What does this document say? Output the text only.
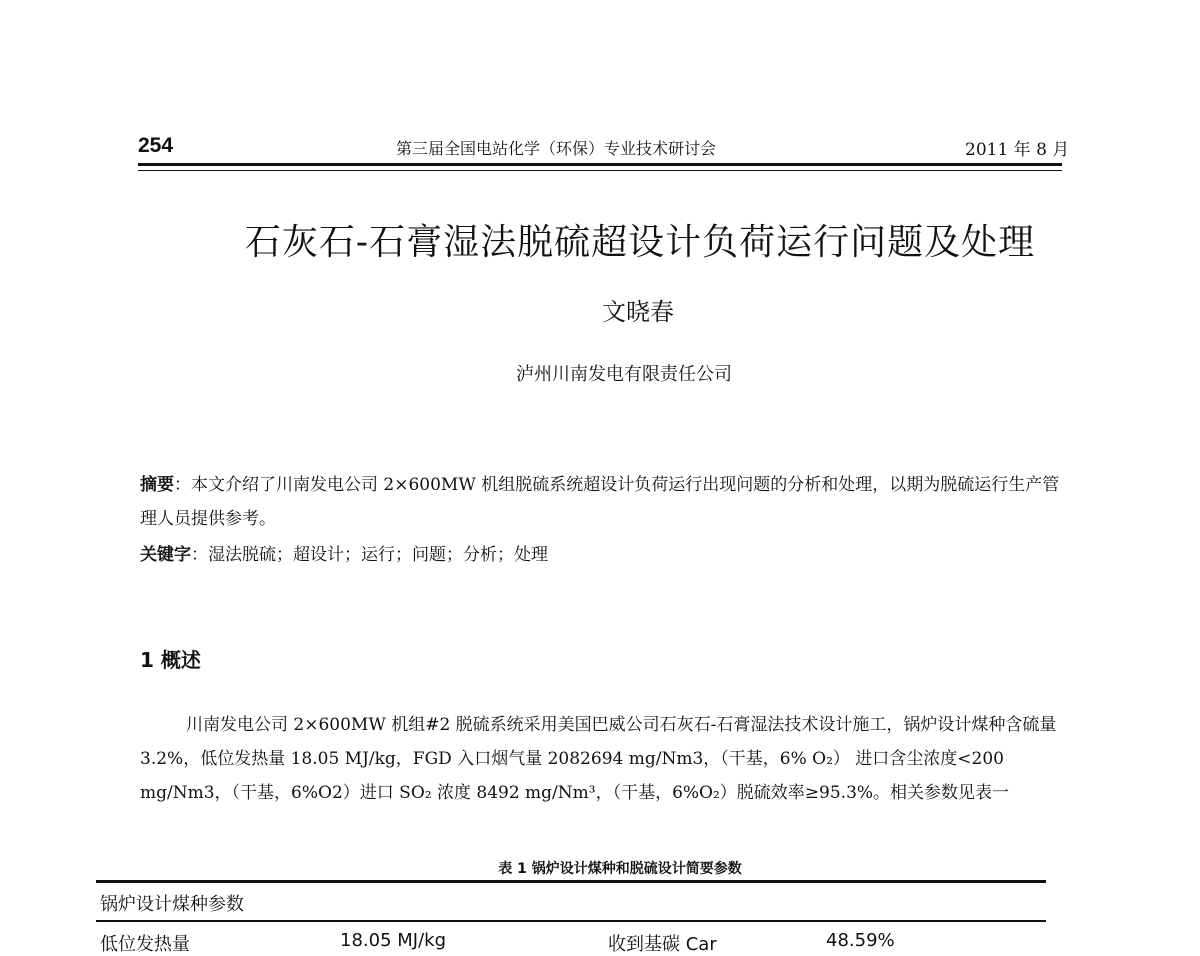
254	第三届全国电站化学（环保）专业技术研讨会	2011 年 8 月
石灰石-石膏湿法脱硫超设计负荷运行问题及处理
文晓春
泸州川南发电有限责任公司
摘要：本文介绍了川南发电公司 2×600MW 机组脱硫系统超设计负荷运行出现问题的分析和处理，以期为脱硫运行生产管理人员提供参考。
关键字：湿法脱硫；超设计；运行；问题；分析；处理
1 概述
川南发电公司 2×600MW 机组#2 脱硫系统采用美国巴威公司石灰石-石膏湿法技术设计施工，锅炉设计煤种含硫量 3.2%，低位发热量 18.05 MJ/kg，FGD 入口烟气量 2082694 mg/Nm3，（干基，6% O₂） 进口含尘浓度<200 mg/Nm3，（干基，6%O2）进口 SO₂ 浓度 8492 mg/Nm³，（干基，6%O₂）脱硫效率≥95.3%。相关参数见表一
表 1 锅炉设计煤种和脱硫设计简要参数
锅炉设计煤种参数
低位发热量	18.05 MJ/kg	收到基碳 Car	48.59%
